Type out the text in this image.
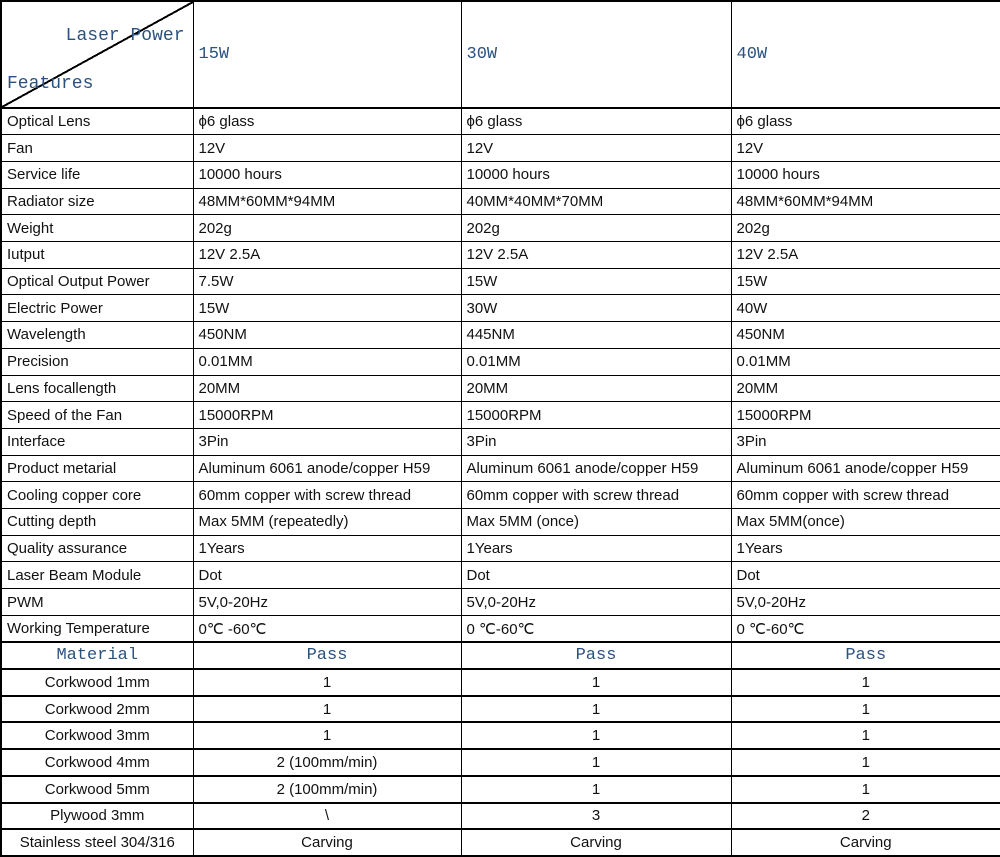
Laser Power
Features	15W	30W	40W
Optical Lens	ϕ6 glass	ϕ6 glass	ϕ6 glass
Fan	12V	12V	12V
Service life	10000 hours	10000 hours	10000 hours
Radiator size	48MM*60MM*94MM	40MM*40MM*70MM	48MM*60MM*94MM
Weight	202g	202g	202g
Iutput	12V 2.5A	12V 2.5A	12V 2.5A
Optical Output Power	7.5W	15W	15W
Electric Power	15W	30W	40W
Wavelength	450NM	445NM	450NM
Precision	0.01MM	0.01MM	0.01MM
Lens focallength	20MM	20MM	20MM
Speed of the Fan	15000RPM	15000RPM	15000RPM
Interface	3Pin	3Pin	3Pin
Product metarial	Aluminum 6061 anode/copper H59	Aluminum 6061 anode/copper H59	Aluminum 6061 anode/copper H59
Cooling copper core	60mm copper with screw thread	60mm copper with screw thread	60mm copper with screw thread
Cutting depth	Max 5MM (repeatedly)	Max 5MM (once)	Max 5MM(once)
Quality assurance	1Years	1Years	1Years
Laser Beam Module	Dot	Dot	Dot
PWM	5V,0-20Hz	5V,0-20Hz	5V,0-20Hz
Working Temperature	0℃ -60℃	0 ℃-60℃	0 ℃-60℃
Material	Pass	Pass	Pass
Corkwood 1mm	1	1	1
Corkwood 2mm	1	1	1
Corkwood 3mm	1	1	1
Corkwood 4mm	2 (100mm/min)	1	1
Corkwood 5mm	2 (100mm/min)	1	1
Plywood 3mm	\	3	2
Stainless steel 304/316	Carving	Carving	Carving
